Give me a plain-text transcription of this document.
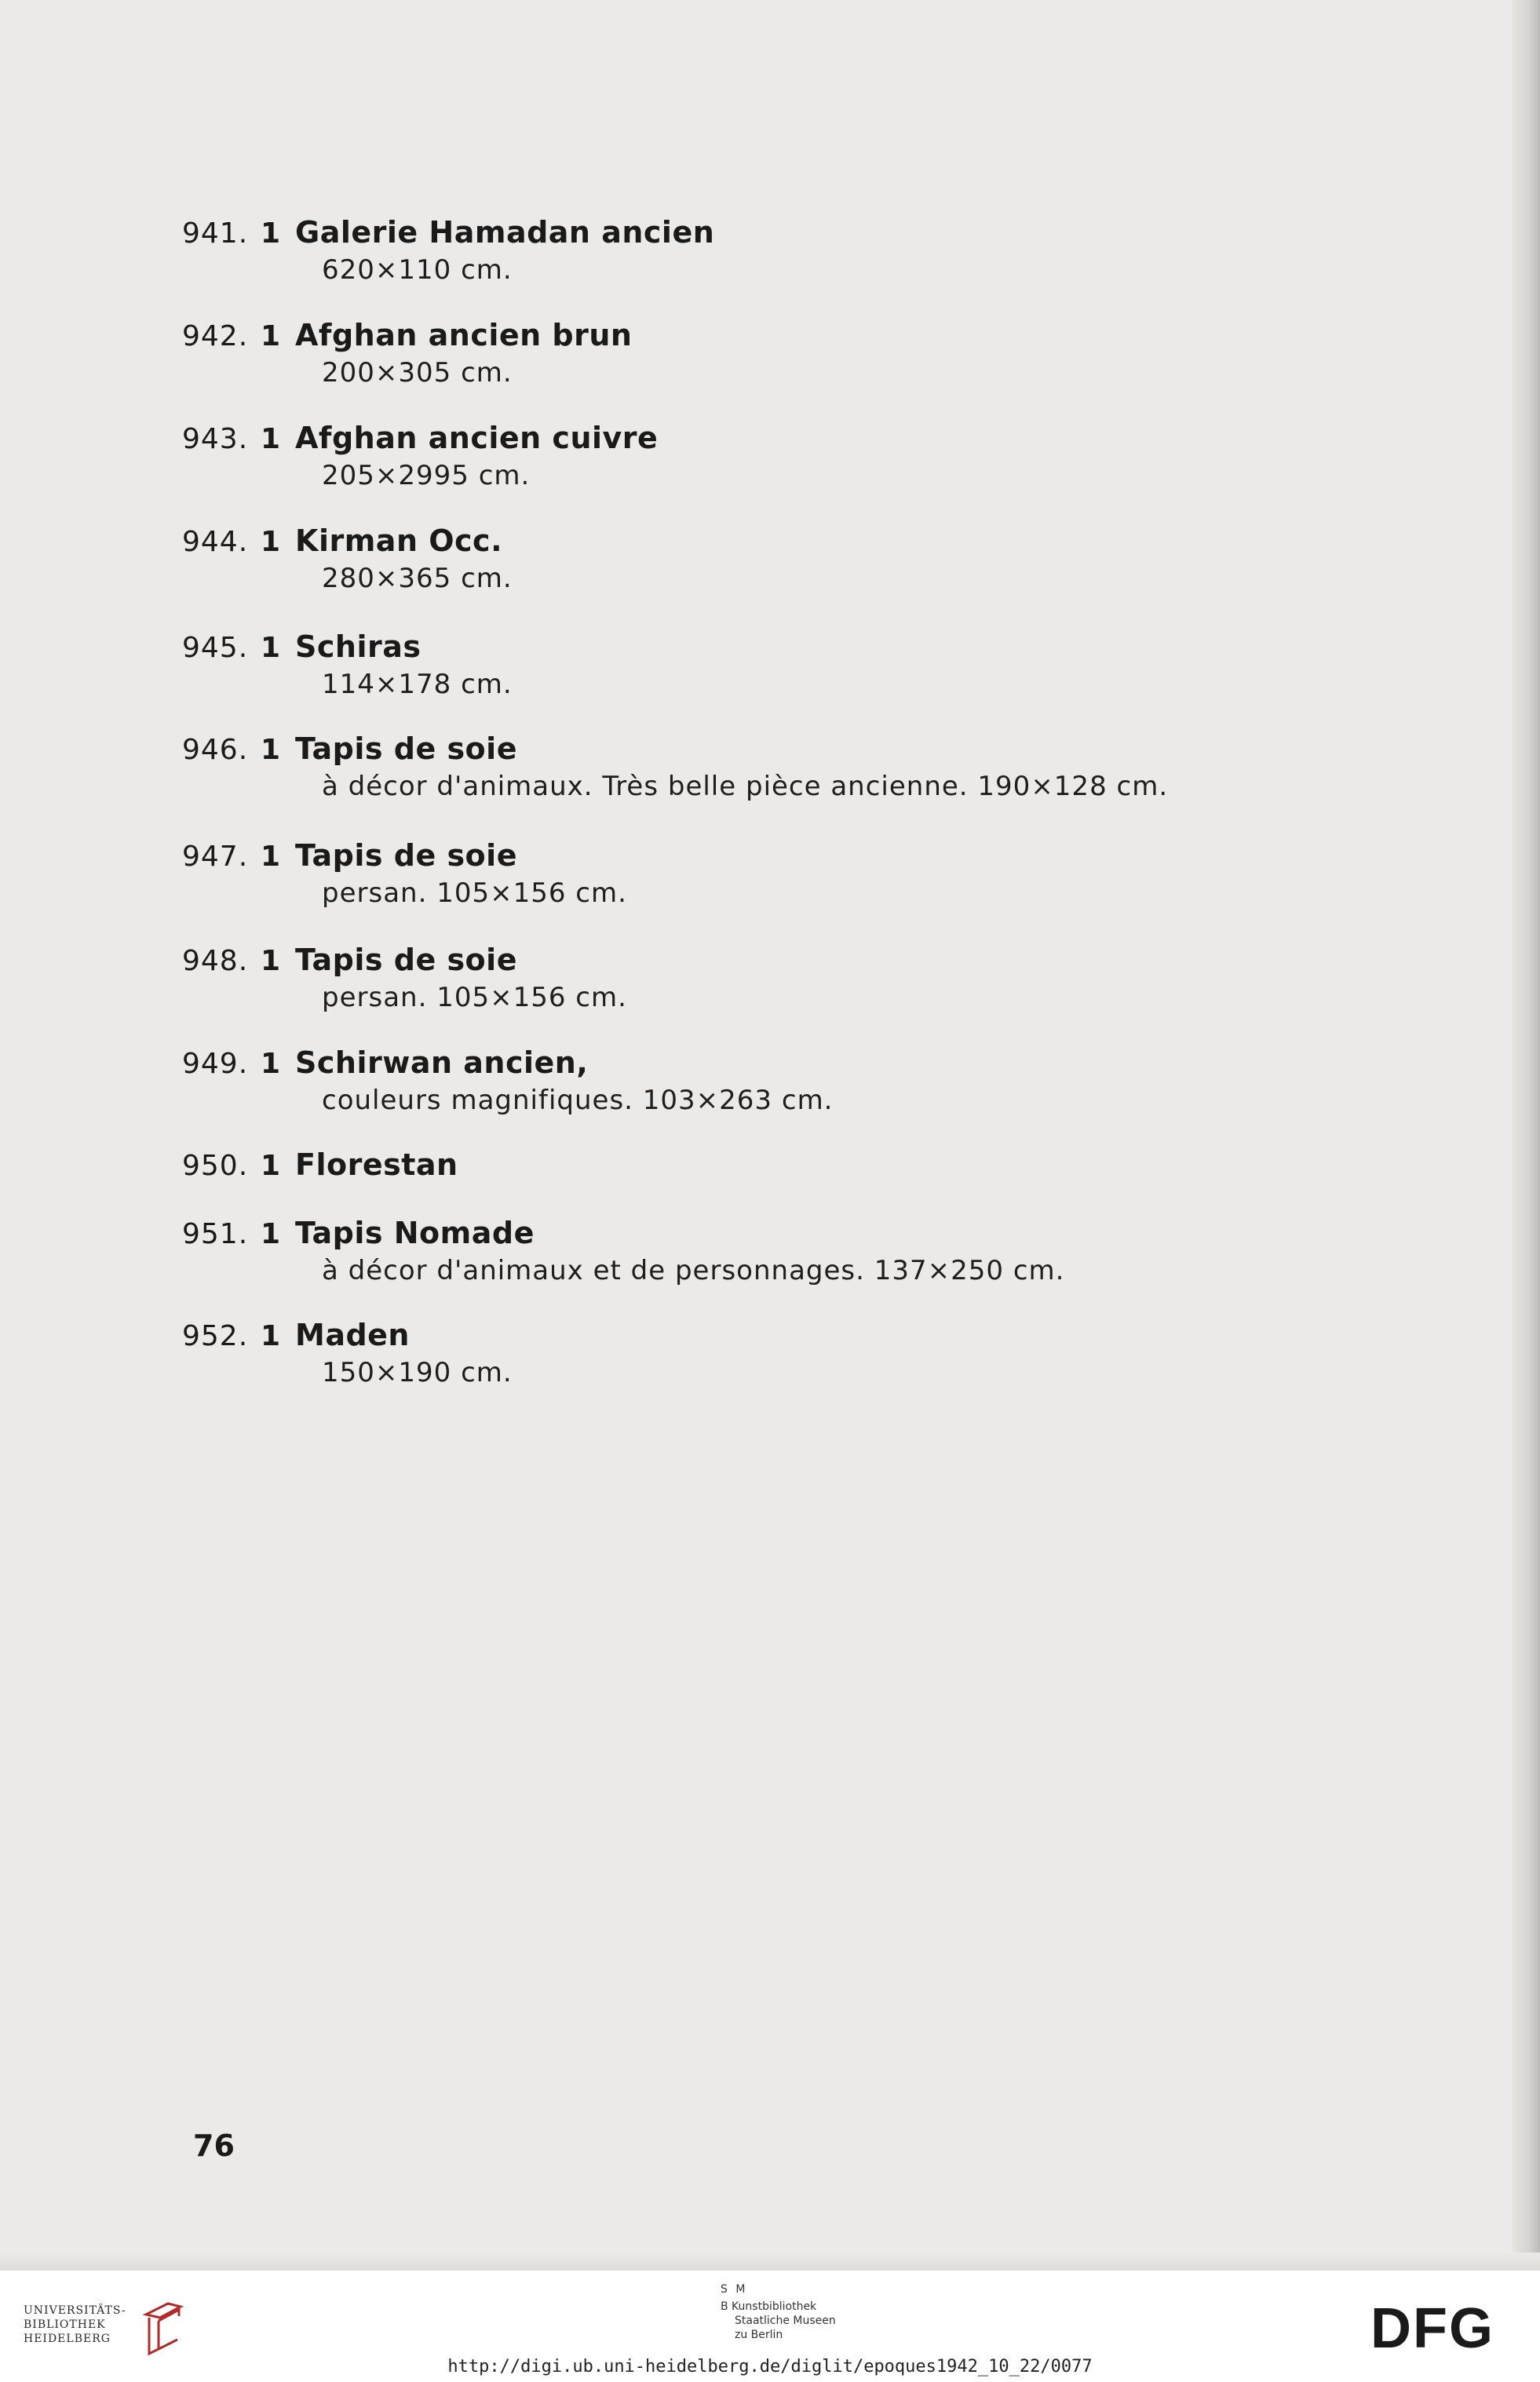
941. 1 Galerie Hamadan ancien
620×110 cm.
942. 1 Afghan ancien brun
200×305 cm.
943. 1 Afghan ancien cuivre
205×2995 cm.
944. 1 Kirman Occ.
280×365 cm.
945. 1 Schiras
114×178 cm.
946. 1 Tapis de soie
à décor d'animaux. Très belle pièce ancienne. 190×128 cm.
947. 1 Tapis de soie
persan. 105×156 cm.
948. 1 Tapis de soie
persan. 105×156 cm.
949. 1 Schirwan ancien,
couleurs magnifiques. 103×263 cm.
950. 1 Florestan
951. 1 Tapis Nomade
à décor d'animaux et de personnages. 137×250 cm.
952. 1 Maden
150×190 cm.
76
UNIVERSITÄTS-
BIBLIOTHEK
HEIDELBERG
S M
B Kunstbibliothek
Staatliche Museen
zu Berlin	DFG
http://digi.ub.uni-heidelberg.de/diglit/epoques1942_10_22/0077
